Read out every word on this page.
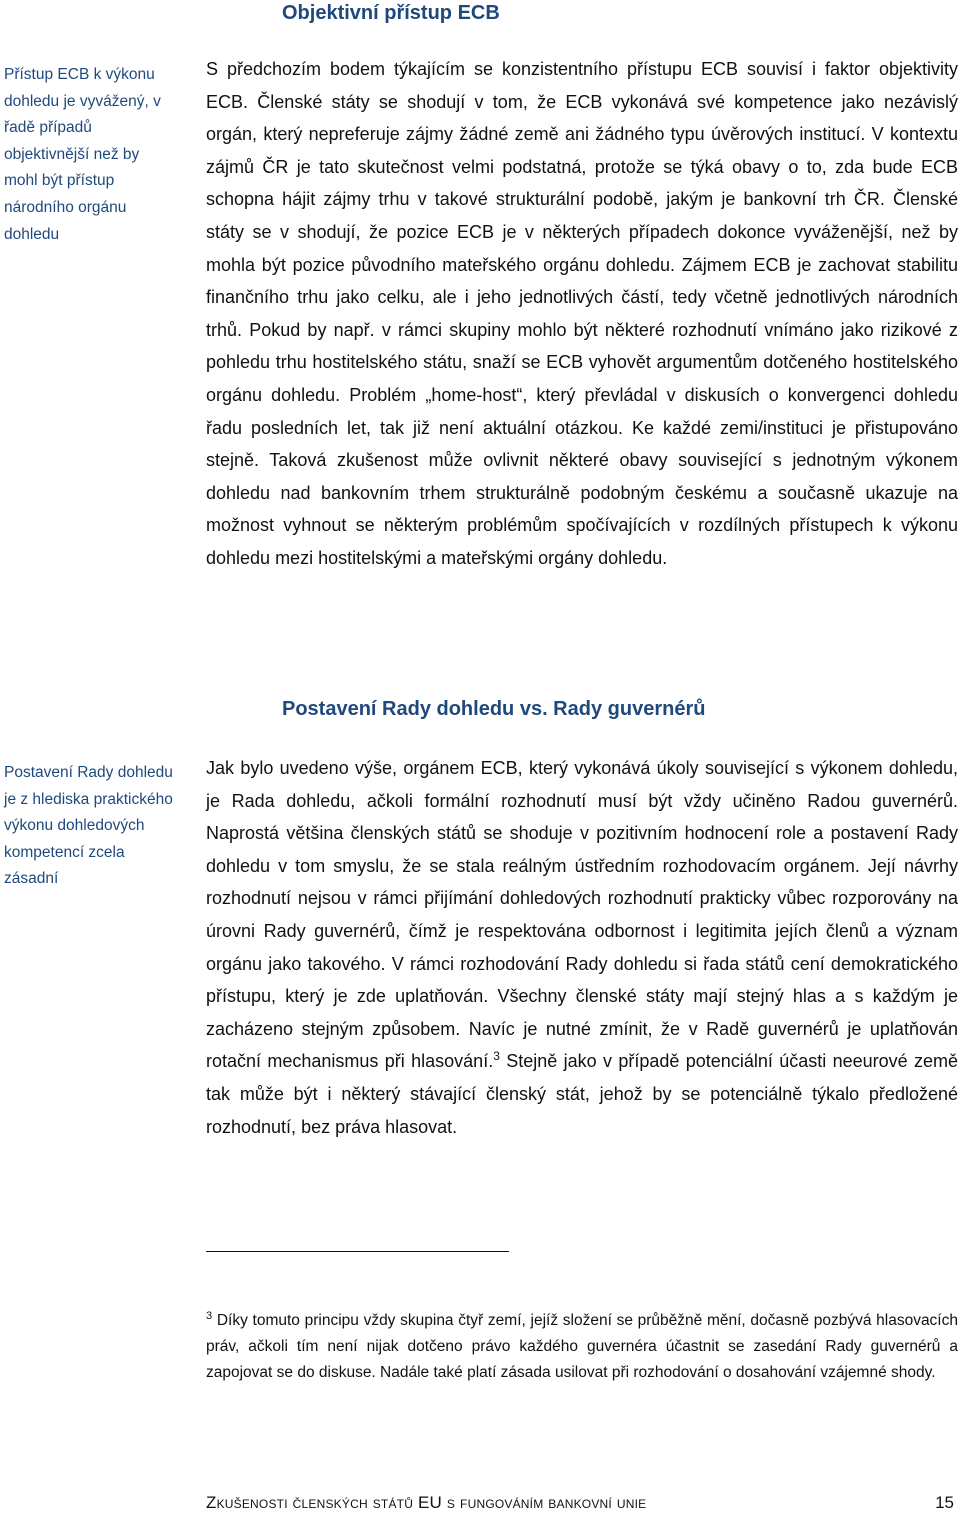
Objektivní přístup ECB
Přístup ECB k výkonu dohledu je vyvážený, v řadě případů objektivnější než by mohl být přístup národního orgánu dohledu
S předchozím bodem týkajícím se konzistentního přístupu ECB souvisí i faktor objektivity ECB. Členské státy se shodují v tom, že ECB vykonává své kompetence jako nezávislý orgán, který nepreferuje zájmy žádné země ani žádného typu úvěrových institucí. V kontextu zájmů ČR je tato skutečnost velmi podstatná, protože se týká obavy o to, zda bude ECB schopna hájit zájmy trhu v takové strukturální podobě, jakým je bankovní trh ČR. Členské státy se v shodují, že pozice ECB je v některých případech dokonce vyváženější, než by mohla být pozice původního mateřského orgánu dohledu. Zájmem ECB je zachovat stabilitu finančního trhu jako celku, ale i jeho jednotlivých částí, tedy včetně jednotlivých národních trhů. Pokud by např. v rámci skupiny mohlo být některé rozhodnutí vnímáno jako rizikové z pohledu trhu hostitelského státu, snaží se ECB vyhovět argumentům dotčeného hostitelského orgánu dohledu. Problém „home-host“, který převládal v diskusích o konvergenci dohledu řadu posledních let, tak již není aktuální otázkou. Ke každé zemi/instituci je přistupováno stejně. Taková zkušenost může ovlivnit některé obavy související s jednotným výkonem dohledu nad bankovním trhem strukturálně podobným českému a současně ukazuje na možnost vyhnout se některým problémům spočívajících v rozdílných přístupech k výkonu dohledu mezi hostitelskými a mateřskými orgány dohledu.
Postavení Rady dohledu vs. Rady guvernérů
Postavení Rady dohledu je z hlediska praktického výkonu dohledových kompetencí zcela zásadní
Jak bylo uvedeno výše, orgánem ECB, který vykonává úkoly související s výkonem dohledu, je Rada dohledu, ačkoli formální rozhodnutí musí být vždy učiněno Radou guvernérů. Naprostá většina členských států se shoduje v pozitivním hodnocení role a postavení Rady dohledu v tom smyslu, že se stala reálným ústředním rozhodovacím orgánem. Její návrhy rozhodnutí nejsou v rámci přijímání dohledových rozhodnutí prakticky vůbec rozporovány na úrovni Rady guvernérů, čímž je respektována odbornost i legitimita jejích členů a význam orgánu jako takového. V rámci rozhodování Rady dohledu si řada států cení demokratického přístupu, který je zde uplatňován. Všechny členské státy mají stejný hlas a s každým je zacházeno stejným způsobem. Navíc je nutné zmínit, že v Radě guvernérů je uplatňován rotační mechanismus při hlasování.$^3$ Stejně jako v případě potenciální účasti neeurové země tak může být i některý stávající členský stát, jehož by se potenciálně týkalo předložené rozhodnutí, bez práva hlasovat.
$^3$ Díky tomuto principu vždy skupina čtyř zemí, jejíž složení se průběžně mění, dočasně pozbývá hlasovacích práv, ačkoli tím není nijak dotčeno právo každého guvernéra účastnit se zasedání Rady guvernérů a zapojovat se do diskuse. Nadále také platí zásada usilovat při rozhodování o dosahování vzájemné shody.
Zkušenosti členských států EU s fungováním bankovní unie	15
